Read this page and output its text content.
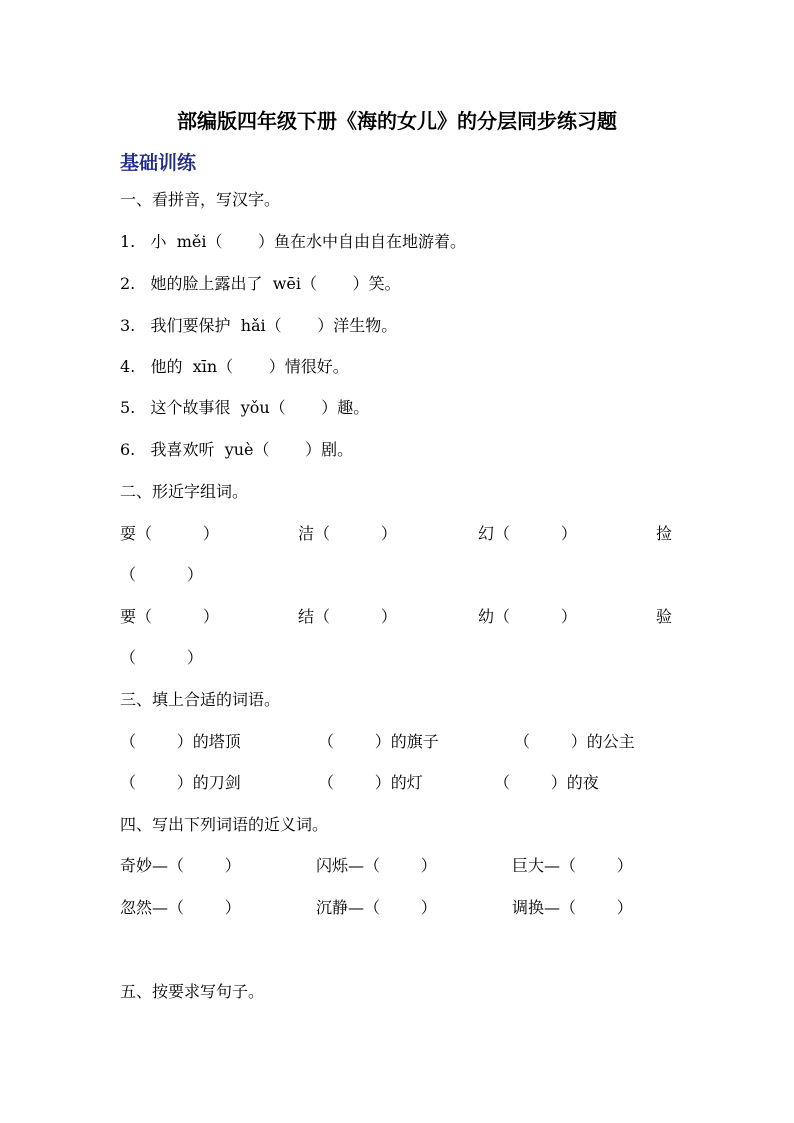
部编版四年级下册《海的女儿》的分层同步练习题
基础训练
一、看拼音，写汉字。
1.   小  měi（       ）鱼在水中自由自在地游着。
2.   她的脸上露出了  wēi（       ）笑。
3.   我们要保护  hǎi（       ）洋生物。
4.   他的  xīn（       ）情很好。
5.   这个故事很  yǒu（       ）趣。
6.   我喜欢听  yuè（       ）剧。
二、形近字组词。
耍（          ）	洁（          ）	幻（          ）	捡
（          ）
要（          ）	结（          ）	幼（          ）	验
（          ）
三、填上合适的词语。
（        ）的塔顶	（        ）的旗子	（        ）的公主
（        ）的刀剑	（        ）的灯	（        ）的夜
四、写出下列词语的近义词。
奇妙—（        ）	闪烁—（        ）	巨大—（        ）
忽然—（        ）	沉静—（        ）	调换—（        ）
五、按要求写句子。
